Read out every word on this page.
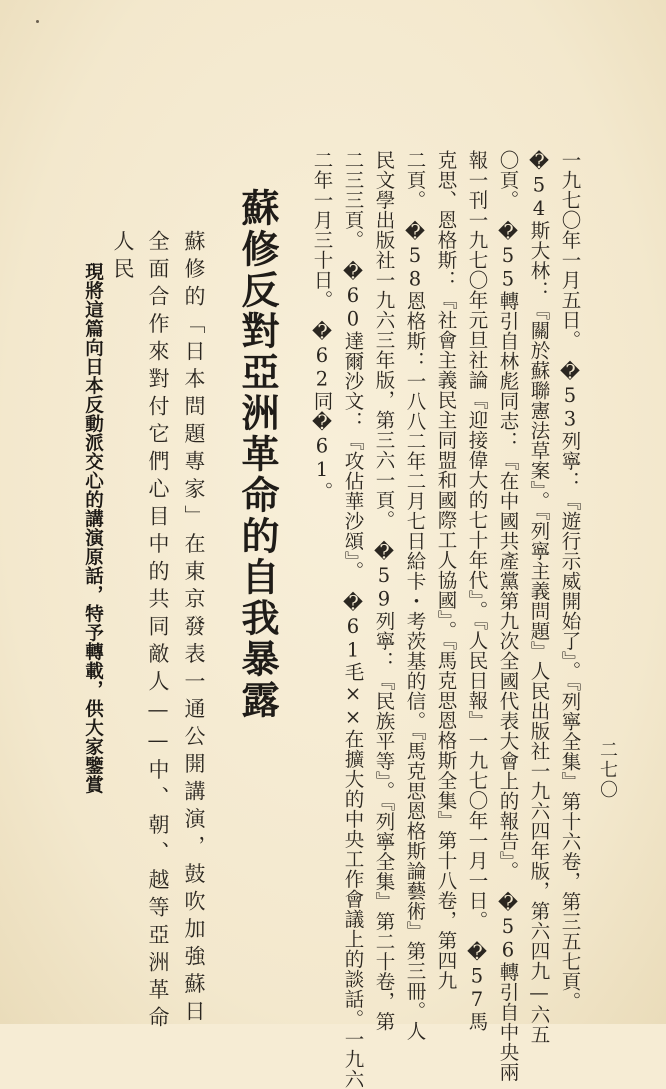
二七〇
一九七〇年一月五日。　�53列寧：『遊行示威開始了』。『列寧全集』第十六卷，第三五七頁。
�54斯大林：『關於蘇聯憲法草案』。『列寧主義問題』人民出版社一九六四年版，第六四九—六五
〇頁。　�55轉引自林彪同志：『在中國共產黨第九次全國代表大會上的報告』。　�56轉引自中央兩
報一刊一九七〇年元旦社論『迎接偉大的七十年代』。『人民日報』一九七〇年一月一日。　�57馬
克思、恩格斯：『社會主義民主同盟和國際工人協國』。『馬克思恩格斯全集』第十八卷，第四九
二頁。　�58恩格斯：一八八二年二月七日給卡・考茨基的信。『馬克思恩格斯論藝術』第三冊。人
民文學出版社一九六三年版，第三六一頁。　�59列寧：『民族平等』。『列寧全集』第二十卷，第
二三三頁。　�60達爾沙文：『攻佔華沙頌』。　�61毛××在擴大的中央工作會議上的談話。一九六
二年一月三十日。　�62同�61。
蘇修反對亞洲革命的自我暴露
蘇修的「日本問題專家」在東京發表一通公開講演，鼓吹加強蘇日
全面合作來對付它們心目中的共同敵人——中、朝、越等亞洲革命
人民
現將這篇向日本反動派交心的講演原話，特予轉載，供大家鑒賞
